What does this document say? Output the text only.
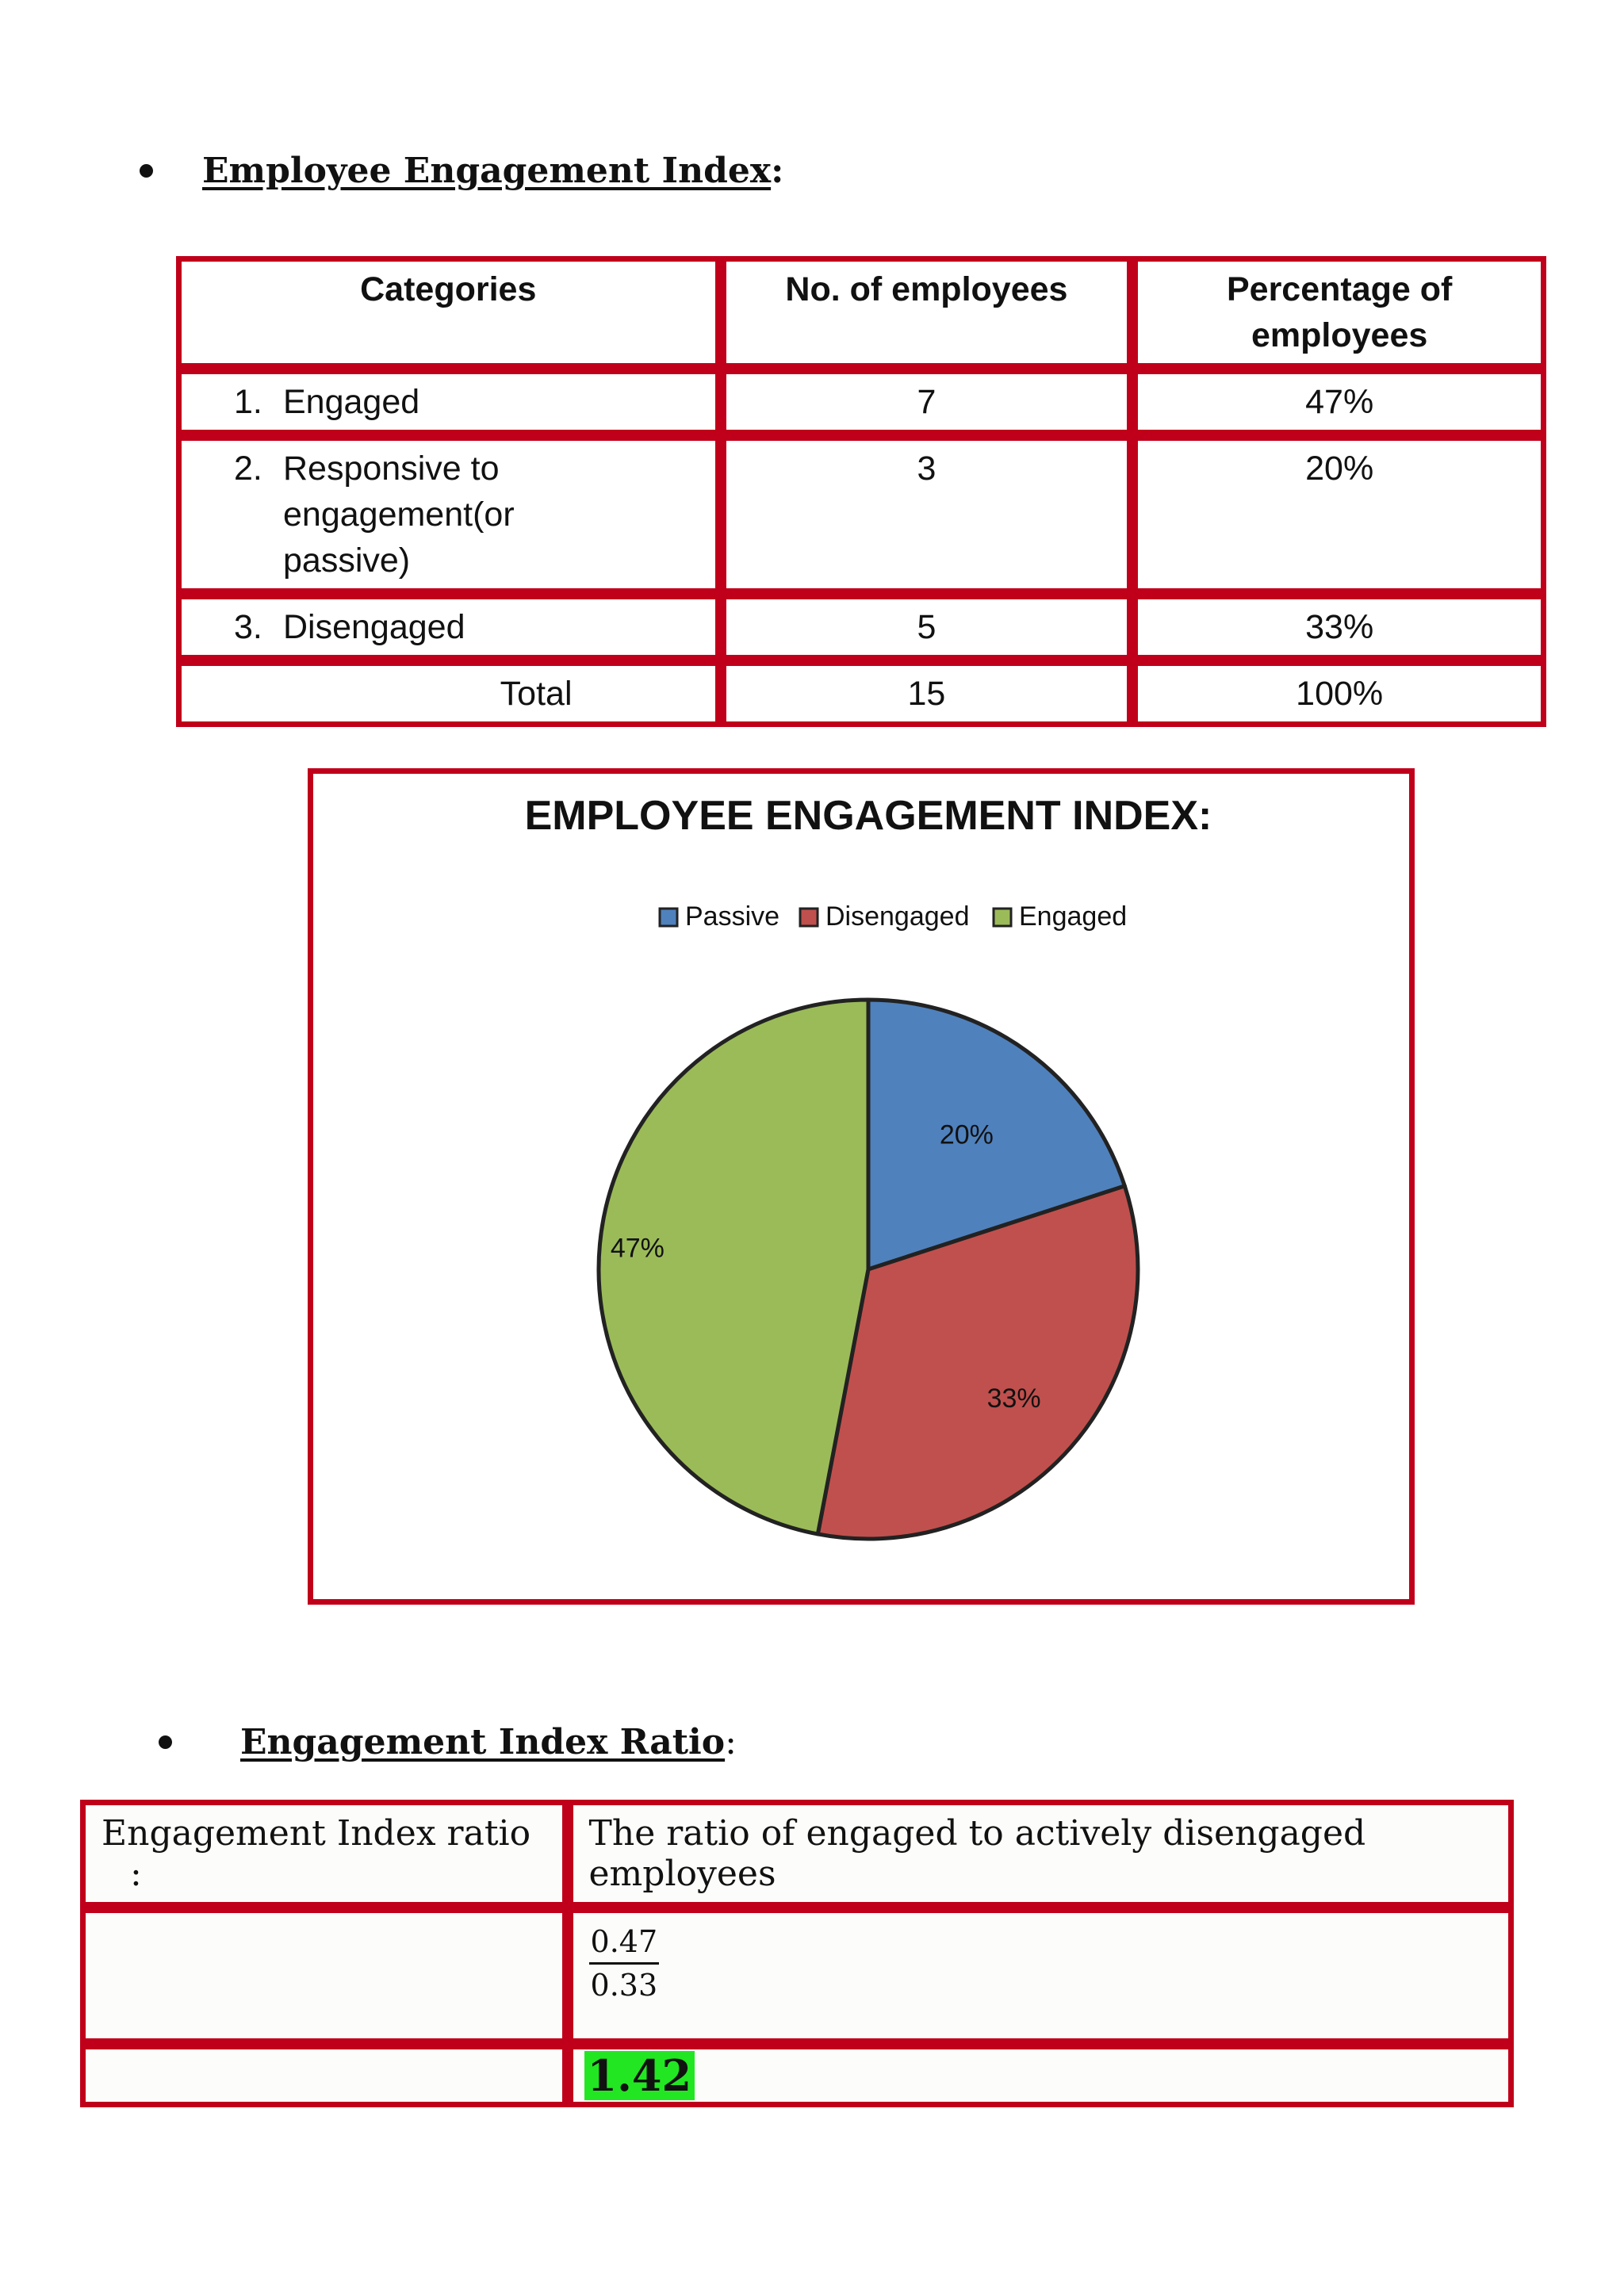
Employee Engagement Index :
Categories	No. of employees	Percentage of employees
1. Engaged	7	47%
2. Responsive to engagement(or passive)	3	20%
3. Disengaged	5	33%
Total	15	100%
EMPLOYEE ENGAGEMENT INDEX:
Passive Disengaged Engaged
20%
33%
47%
Engagement Index Ratio :
Engagement Index ratio :	The ratio of engaged to actively disengaged employees

	$\frac{0.47}{0.33}$

	1.42
